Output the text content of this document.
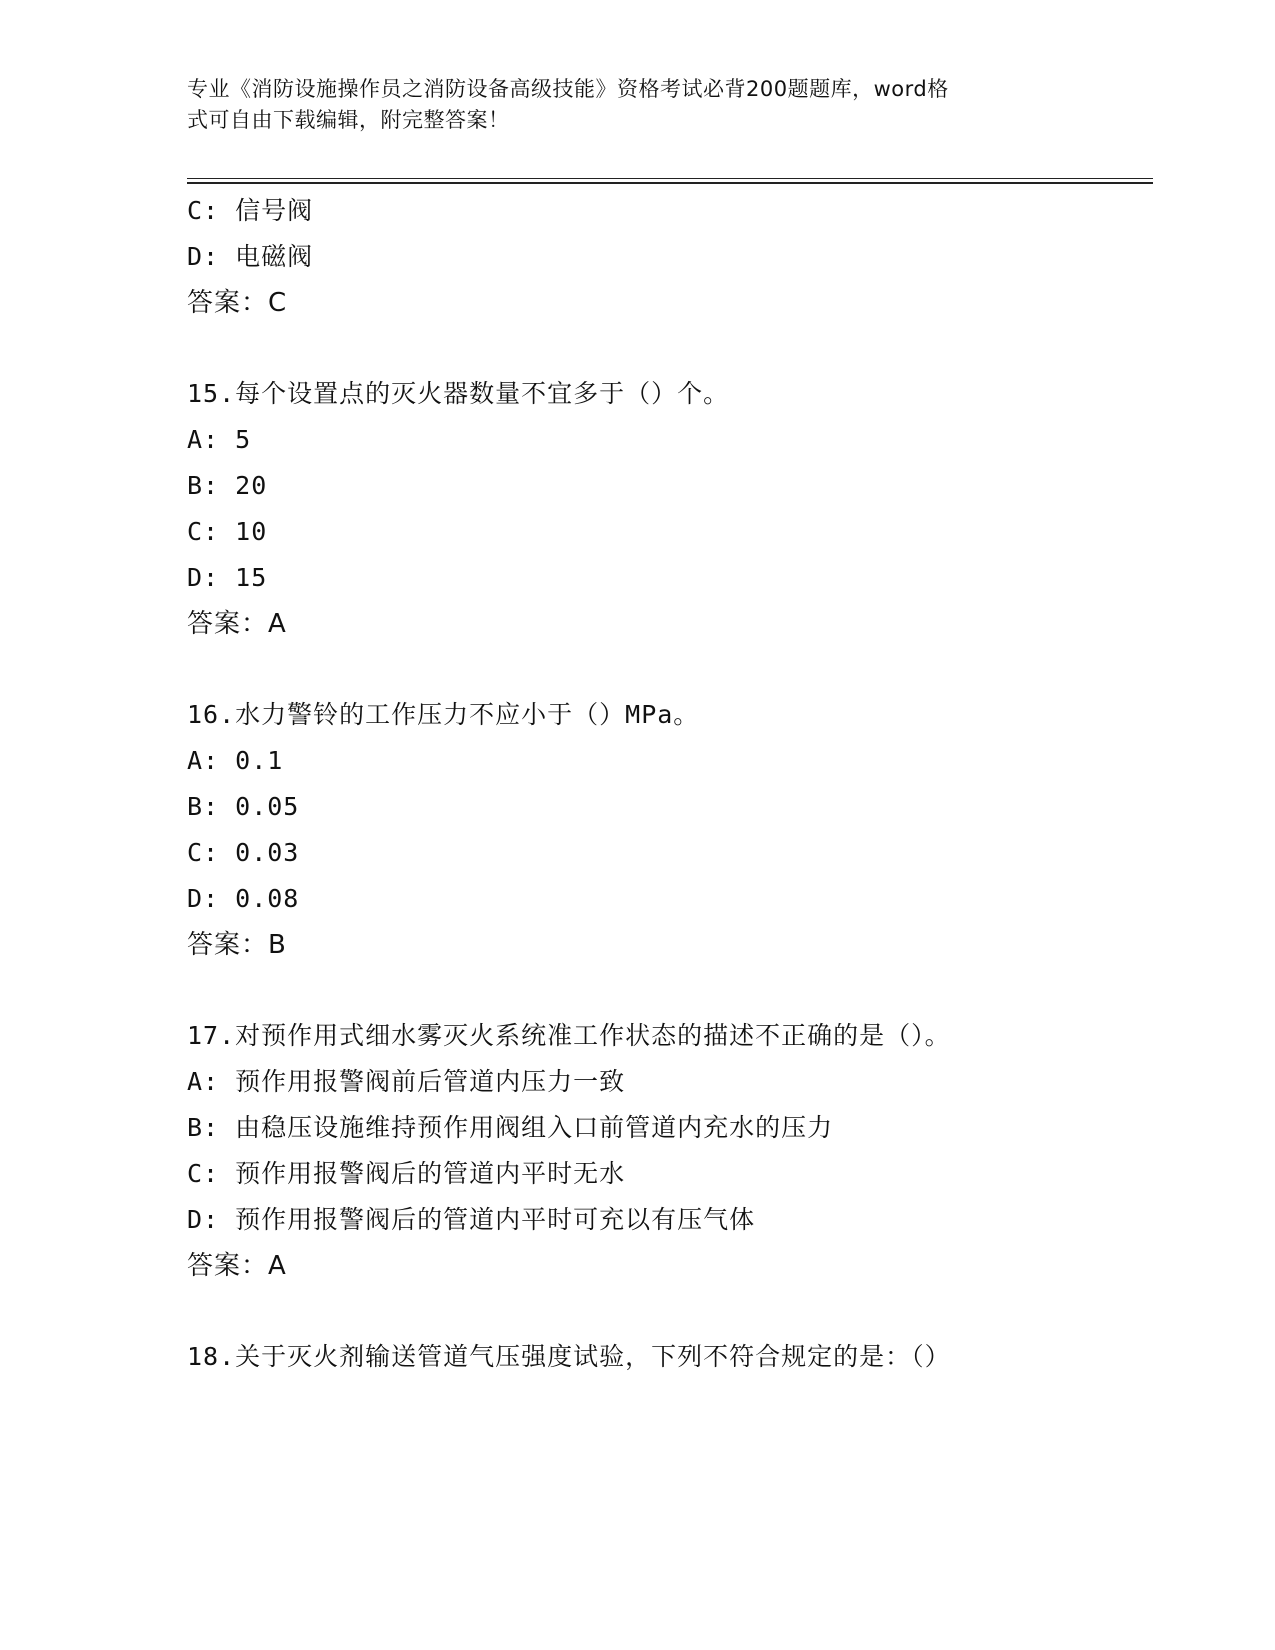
专业《消防设施操作员之消防设备高级技能》资格考试必背200题题库，word格
式可自由下载编辑，附完整答案！
C: 信号阀
D: 电磁阀
答案：C
15.每个设置点的灭火器数量不宜多于（）个。
A: 5
B: 20
C: 10
D: 15
答案：A
16.水力警铃的工作压力不应小于（）MPa。
A: 0.1
B: 0.05
C: 0.03
D: 0.08
答案：B
17.对预作用式细水雾灭火系统准工作状态的描述不正确的是（）。
A: 预作用报警阀前后管道内压力一致
B: 由稳压设施维持预作用阀组入口前管道内充水的压力
C: 预作用报警阀后的管道内平时无水
D: 预作用报警阀后的管道内平时可充以有压气体
答案：A
18.关于灭火剂输送管道气压强度试验，下列不符合规定的是：（）
